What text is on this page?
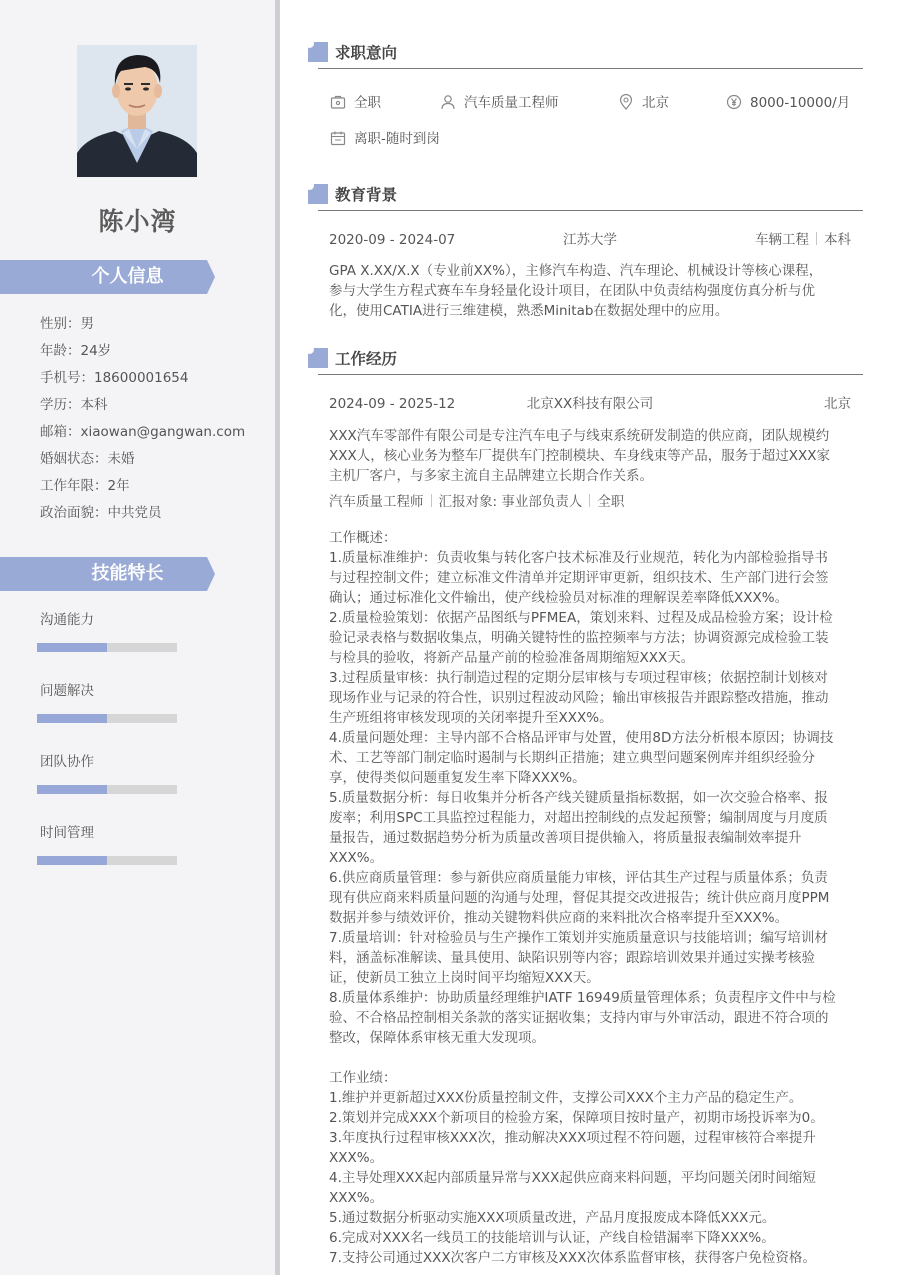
陈小湾
个人信息
性别：男
年龄：24岁
手机号：18600001654
学历：本科
邮箱：xiaowan@gangwan.com
婚姻状态：未婚
工作年限：2年
政治面貌：中共党员
技能特长
沟通能力
问题解决
团队协作
时间管理
求职意向
全职	汽车质量工程师	北京	8000-10000/月
离职-随时到岗
教育背景
2020-09 - 2024-07	江苏大学	车辆工程 本科
GPA X.XX/X.X（专业前XX%），主修汽车构造、汽车理论、机械设计等核心课程，
参与大学生方程式赛车车身轻量化设计项目，在团队中负责结构强度仿真分析与优
化，使用CATIA进行三维建模，熟悉Minitab在数据处理中的应用。
工作经历
2024-09 - 2025-12	北京XX科技有限公司	北京
XXX汽车零部件有限公司是专注汽车电子与线束系统研发制造的供应商，团队规模约
XXX人，核心业务为整车厂提供车门控制模块、车身线束等产品，服务于超过XXX家
主机厂客户，与多家主流自主品牌建立长期合作关系。
汽车质量工程师 汇报对象: 事业部负责人 全职
工作概述：
1.质量标准维护：负责收集与转化客户技术标准及行业规范，转化为内部检验指导书
与过程控制文件；建立标准文件清单并定期评审更新，组织技术、生产部门进行会签
确认；通过标准化文件输出，使产线检验员对标准的理解误差率降低XXX%。
2.质量检验策划：依据产品图纸与PFMEA，策划来料、过程及成品检验方案；设计检
验记录表格与数据收集点，明确关键特性的监控频率与方法；协调资源完成检验工装
与检具的验收，将新产品量产前的检验准备周期缩短XXX天。
3.过程质量审核：执行制造过程的定期分层审核与专项过程审核；依据控制计划核对
现场作业与记录的符合性，识别过程波动风险；输出审核报告并跟踪整改措施，推动
生产班组将审核发现项的关闭率提升至XXX%。
4.质量问题处理：主导内部不合格品评审与处置，使用8D方法分析根本原因；协调技
术、工艺等部门制定临时遏制与长期纠正措施；建立典型问题案例库并组织经验分
享，使得类似问题重复发生率下降XXX%。
5.质量数据分析：每日收集并分析各产线关键质量指标数据，如一次交验合格率、报
废率；利用SPC工具监控过程能力，对超出控制线的点发起预警；编制周度与月度质
量报告，通过数据趋势分析为质量改善项目提供输入，将质量报表编制效率提升
XXX%。
6.供应商质量管理：参与新供应商质量能力审核，评估其生产过程与质量体系；负责
现有供应商来料质量问题的沟通与处理，督促其提交改进报告；统计供应商月度PPM
数据并参与绩效评价，推动关键物料供应商的来料批次合格率提升至XXX%。
7.质量培训：针对检验员与生产操作工策划并实施质量意识与技能培训；编写培训材
料，涵盖标准解读、量具使用、缺陷识别等内容；跟踪培训效果并通过实操考核验
证，使新员工独立上岗时间平均缩短XXX天。
8.质量体系维护：协助质量经理维护IATF 16949质量管理体系；负责程序文件中与检
验、不合格品控制相关条款的落实证据收集；支持内审与外审活动，跟进不符合项的
整改，保障体系审核无重大发现项。
工作业绩：
1.维护并更新超过XXX份质量控制文件，支撑公司XXX个主力产品的稳定生产。
2.策划并完成XXX个新项目的检验方案，保障项目按时量产，初期市场投诉率为0。
3.年度执行过程审核XXX次，推动解决XXX项过程不符问题，过程审核符合率提升
XXX%。
4.主导处理XXX起内部质量异常与XXX起供应商来料问题，平均问题关闭时间缩短
XXX%。
5.通过数据分析驱动实施XXX项质量改进，产品月度报废成本降低XXX元。
6.完成对XXX名一线员工的技能培训与认证，产线自检错漏率下降XXX%。
7.支持公司通过XXX次客户二方审核及XXX次体系监督审核，获得客户免检资格。
